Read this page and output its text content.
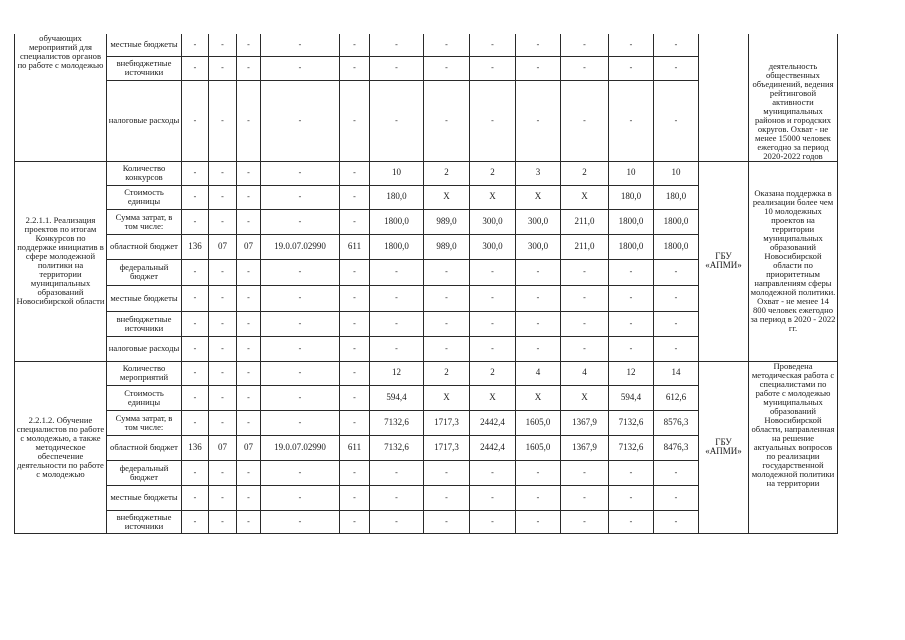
обучающих мероприятий для специалистов органов по работе с молодежью	местные бюджеты	-	-	-	-	-	-	-	-	-	-	-	-		деятельность общественных объединений, ведения рейтинговой активности муниципальных районов и городских округов. Охват - не менее 15000 человек ежегодно за период 2020-2022 годов
	внебюджетные источники	-	-	-	-	-	-	-	-	-	-	-	-		
	налоговые расходы	-	-	-	-	-	-	-	-	-	-	-	-		
2.2.1.1. Реализация проектов по итогам Конкурсов по поддержке инициатив в сфере молодежной политики на территории муниципальных образований Новосибирской области	Количество конкурсов	-	-	-	-	-	10	2	2	3	2	10	10	ГБУ «АПМИ»	Оказана поддержка в реализации более чем 10 молодежных проектов на территории муниципальных образований Новосибирской области по приоритетным направлениям сферы молодежной политики. Охват - не менее 14 800 человек ежегодно за период в 2020 - 2022 гг.
	Стоимость единицы	-	-	-	-	-	180,0	X	X	X	X	180,0	180,0		
	Сумма затрат, в том числе:	-	-	-	-	-	1800,0	989,0	300,0	300,0	211,0	1800,0	1800,0		
	областной бюджет	136	07	07	19.0.07.02990	611	1800,0	989,0	300,0	300,0	211,0	1800,0	1800,0		
	федеральный бюджет	-	-	-	-	-	-	-	-	-	-	-	-		
	местные бюджеты	-	-	-	-	-	-	-	-	-	-	-	-		
	внебюджетные источники	-	-	-	-	-	-	-	-	-	-	-	-		
	налоговые расходы	-	-	-	-	-	-	-	-	-	-	-	-		
2.2.1.2. Обучение специалистов по работе с молодежью, а также методическое обеспечение деятельности по работе с молодежью	Количество мероприятий	-	-	-	-	-	12	2	2	4	4	12	14	ГБУ «АПМИ»	Проведена методическая работа с специалистами по работе с молодежью муниципальных образований Новосибирской области, направленная на решение актуальных вопросов по реализации государственной молодежной политики на территории
	Стоимость единицы	-	-	-	-	-	594,4	X	X	X	X	594,4	612,6		
	Сумма затрат, в том числе:	-	-	-	-	-	7132,6	1717,3	2442,4	1605,0	1367,9	7132,6	8576,3		
	областной бюджет	136	07	07	19.0.07.02990	611	7132,6	1717,3	2442,4	1605,0	1367,9	7132,6	8476,3		
	федеральный бюджет	-	-	-	-	-	-	-	-	-	-	-	-		
	местные бюджеты	-	-	-	-	-	-	-	-	-	-	-	-		
	внебюджетные источники	-	-	-	-	-	-	-	-	-	-	-	-		
